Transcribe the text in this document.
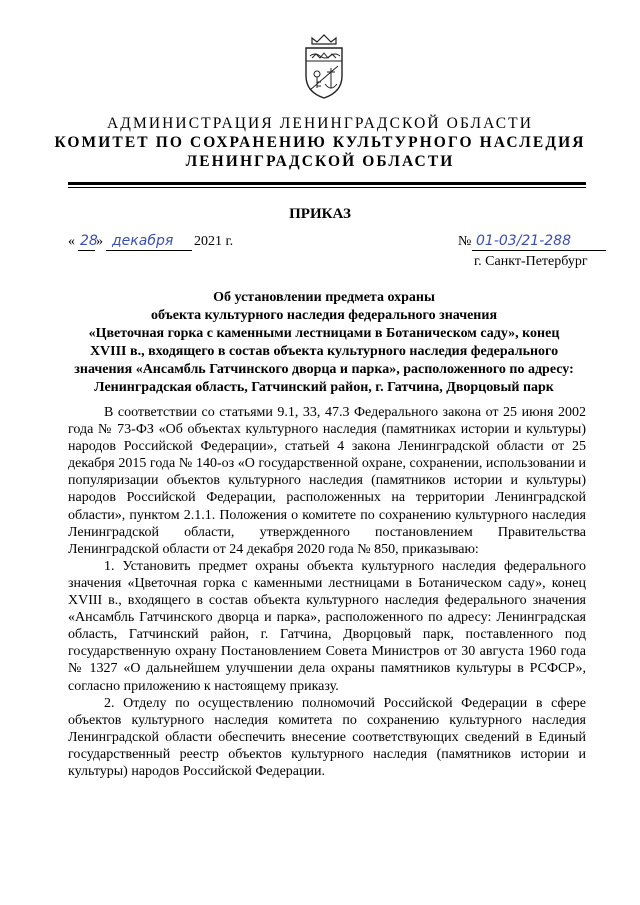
АДМИНИСТРАЦИЯ ЛЕНИНГРАДСКОЙ ОБЛАСТИ
КОМИТЕТ ПО СОХРАНЕНИЮ КУЛЬТУРНОГО НАСЛЕДИЯ
ЛЕНИНГРАДСКОЙ ОБЛАСТИ
ПРИКАЗ
« 28
» декабря 2021 г.	№ 01-03/21-288
г. Санкт-Петербург
Об установлении предмета охраны
объекта культурного наследия федерального значения
«Цветочная горка с каменными лестницами в Ботаническом саду», конец
XVIII в., входящего в состав объекта культурного наследия федерального
значения «Ансамбль Гатчинского дворца и парка», расположенного по адресу:
Ленинградская область, Гатчинский район, г. Гатчина, Дворцовый парк

В соответствии со статьями 9.1, 33, 47.3 Федерального закона от 25 июня 2002 года № 73-ФЗ «Об объектах культурного наследия (памятниках истории и культуры) народов Российской Федерации», статьей 4 закона Ленинградской области от 25 декабря 2015 года № 140-оз «О государственной охране, сохранении, использовании и популяризации объектов культурного наследия (памятников истории и культуры) народов Российской Федерации, расположенных на территории Ленинградской области», пунктом 2.1.1. Положения о комитете по сохранению культурного наследия Ленинградской области, утвержденного постановлением Правительства Ленинградской области от 24 декабря 2020 года № 850, приказываю:

1. Установить предмет охраны объекта культурного наследия федерального значения «Цветочная горка с каменными лестницами в Ботаническом саду», конец XVIII в., входящего в состав объекта культурного наследия федерального значения «Ансамбль Гатчинского дворца и парка», расположенного по адресу: Ленинградская область, Гатчинский район, г. Гатчина, Дворцовый парк, поставленного под государственную охрану Постановлением Совета Министров от 30 августа 1960 года № 1327 «О дальнейшем улучшении дела охраны памятников культуры в РСФСР», согласно приложению к настоящему приказу.

2. Отделу по осуществлению полномочий Российской Федерации в сфере объектов культурного наследия комитета по сохранению культурного наследия Ленинградской области обеспечить внесение соответствующих сведений в Единый государственный реестр объектов культурного наследия (памятников истории и культуры) народов Российской Федерации.
